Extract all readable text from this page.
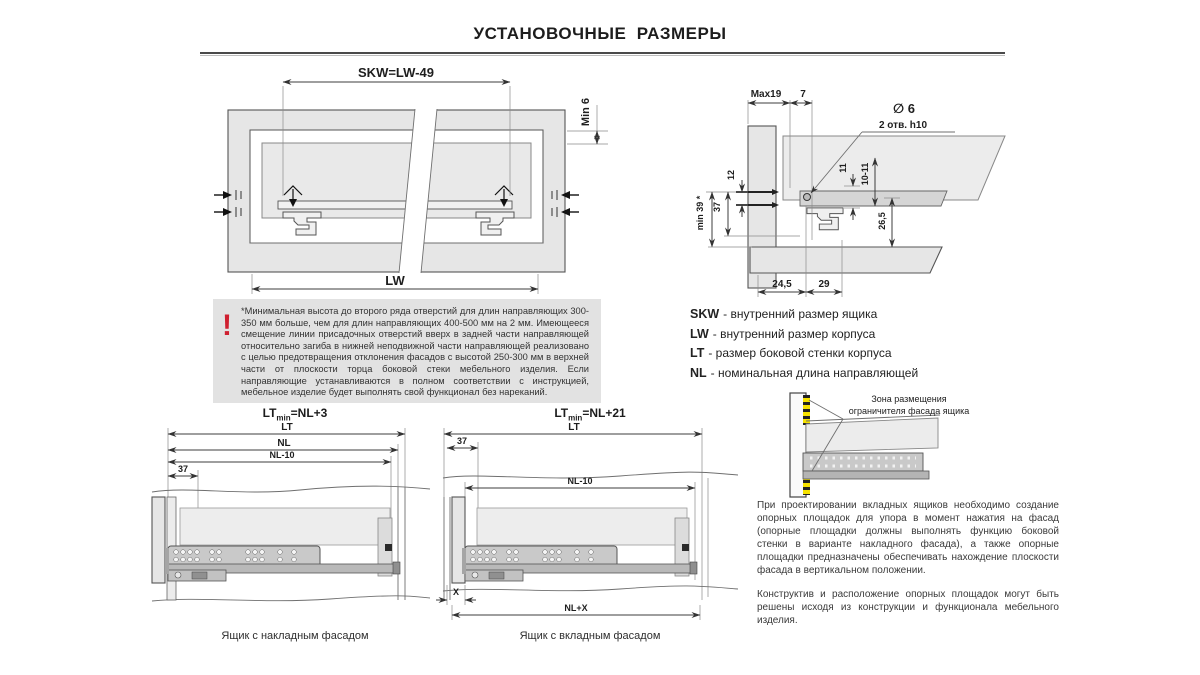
УСТАНОВОЧНЫЕ  РАЗМЕРЫ
SKW=LW-49
Min 6
LW
Max19 7
∅ 6
2 отв. h10
12
37
min 39 *
11 10-11
26,5
24,5	29
! *Минимальная высота до второго ряда отверстий для длин направляющих 300-350 мм больше, чем для длин направляющих 400-500 мм на 2 мм. Имеющееся смещение линии присадочных отверстий вверх в задней части направляющей относительно загиба в нижней неподвижной части направляющей реализовано с целью предотвращения отклонения фасадов с высотой 250-300 мм в верхней части от плоскости торца боковой стеки мебельного изделия. Если направляющие устанавливаются в полном соответствии с инструкцией, мебельное изделие будет выполнять свой функционал без нареканий.
SKW - внутренний размер ящика
LW - внутренний размер корпуса
LT - размер боковой стенки корпуса
NL - номинальная длина направляющей
$LT_{min}=NL+3$
LT
NL
NL-10
37
Ящик с накладным фасадом
$LT_{min}=NL+21$
LT
37
NL-10
X
NL+X
Ящик с вкладным фасадом
Зона размещения
ограничителя фасада ящика

При проектировании вкладных ящиков необходимо создание опорных площадок для упора в момент нажатия на фасад (опорные площадки должны выполнять функцию боковой стенки в варианте накладного фасада), а также опорные площадки предназначены обеспечивать нахождение плоскости фасада в вертикальном положении.

Конструктив и расположение опорных площадок могут быть решены исходя из конструкции и функционала мебельного изделия.
